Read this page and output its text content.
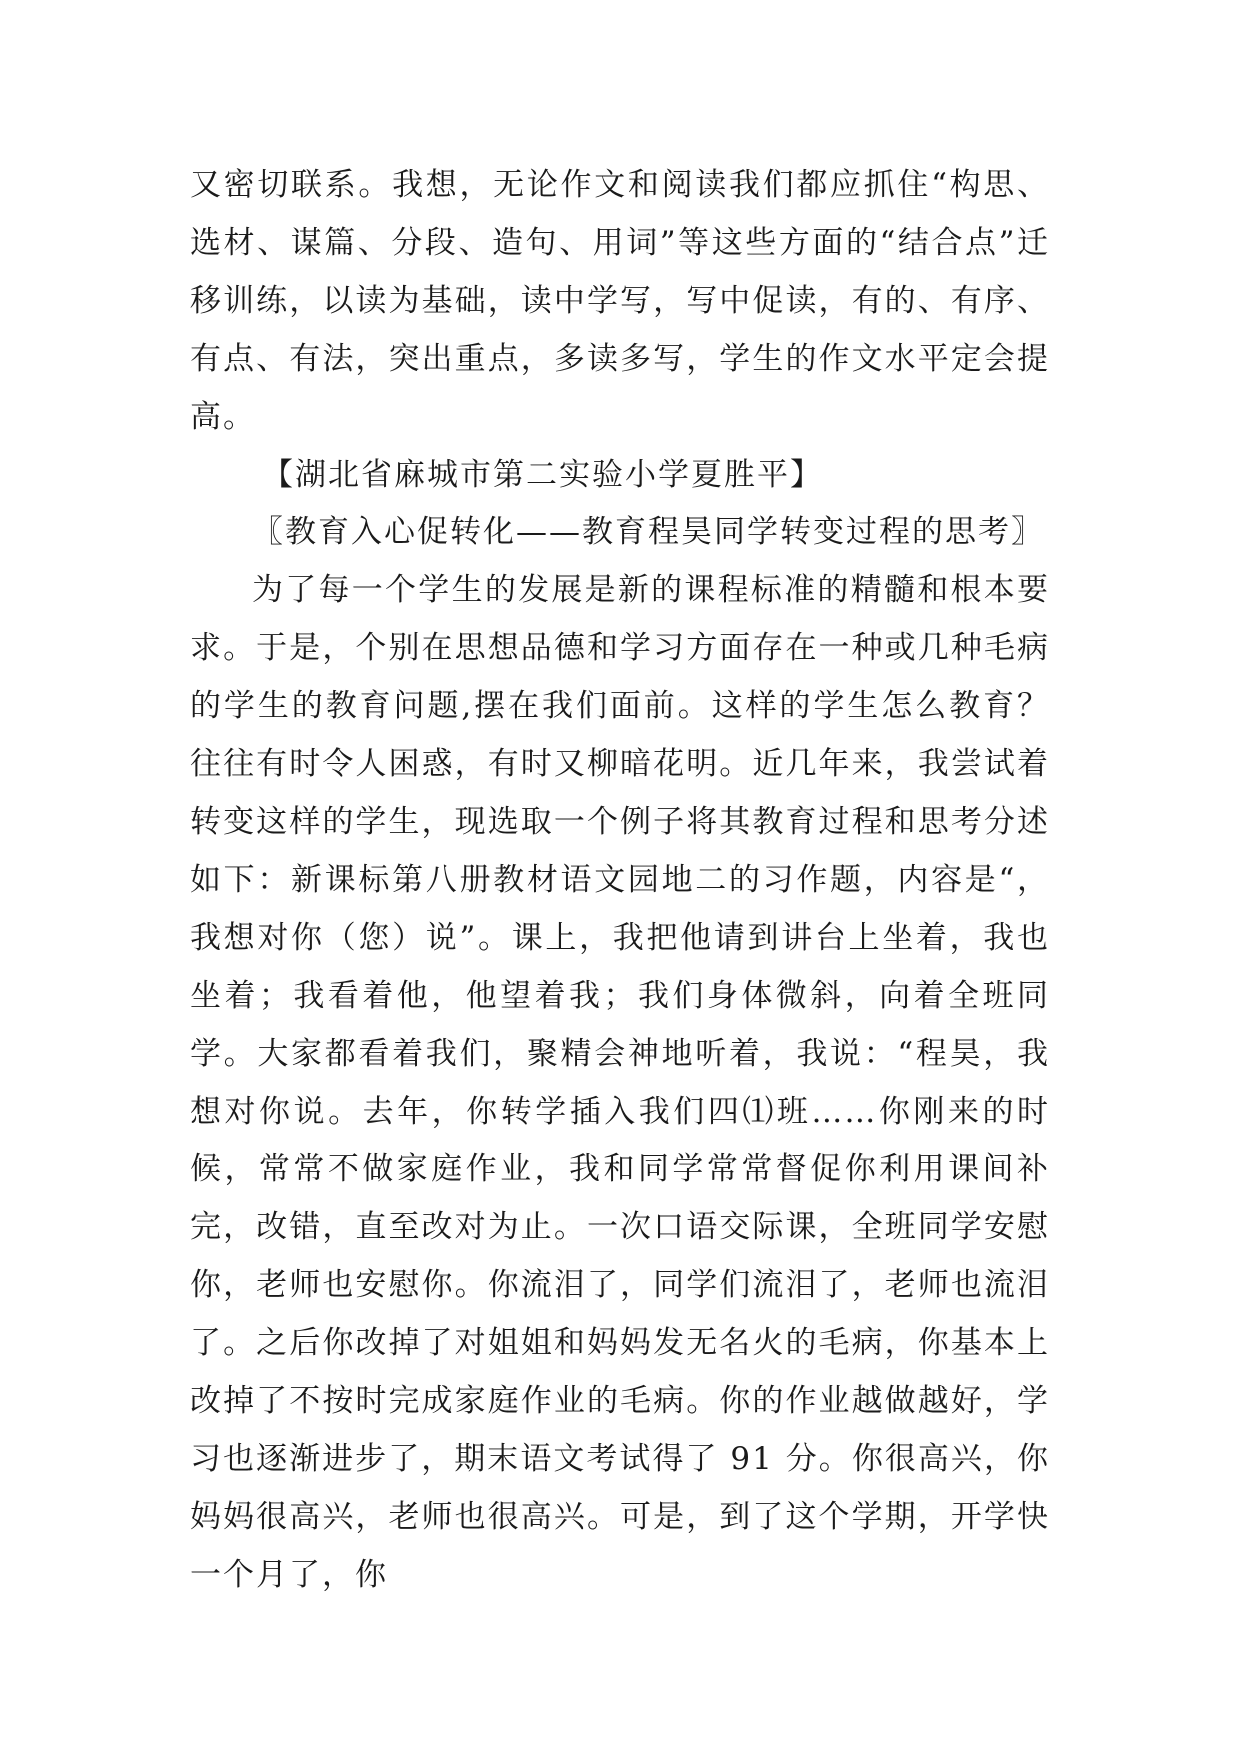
又密切联系。我想，无论作文和阅读我们都应抓住“构思、选材、谋篇、分段、造句、用词”等这些方面的“结合点”迁移训练，以读为基础，读中学写，写中促读，有的、有序、有点、有法，突出重点，多读多写，学生的作文水平定会提高。

【湖北省麻城市第二实验小学夏胜平】

〖教育入心促转化——教育程昊同学转变过程的思考〗

为了每一个学生的发展是新的课程标准的精髓和根本要求。于是，个别在思想品德和学习方面存在一种或几种毛病的学生的教育问题,摆在我们面前。这样的学生怎么教育？往往有时令人困惑，有时又柳暗花明。近几年来，我尝试着转变这样的学生，现选取一个例子将其教育过程和思考分述如下：新课标第八册教材语文园地二的习作题，内容是“，我想对你（您）说”。课上，我把他请到讲台上坐着，我也坐着；我看着他，他望着我；我们身体微斜，向着全班同学。大家都看着我们，聚精会神地听着，我说：“程昊，我想对你说。去年，你转学插入我们四⑴班……你刚来的时候，常常不做家庭作业，我和同学常常督促你利用课间补完，改错，直至改对为止。一次口语交际课，全班同学安慰你，老师也安慰你。你流泪了，同学们流泪了，老师也流泪了。之后你改掉了对姐姐和妈妈发无名火的毛病，你基本上改掉了不按时完成家庭作业的毛病。你的作业越做越好，学习也逐渐进步了，期末语文考试得了 91 分。你很高兴，你妈妈很高兴，老师也很高兴。可是，到了这个学期，开学快一个月了，你
